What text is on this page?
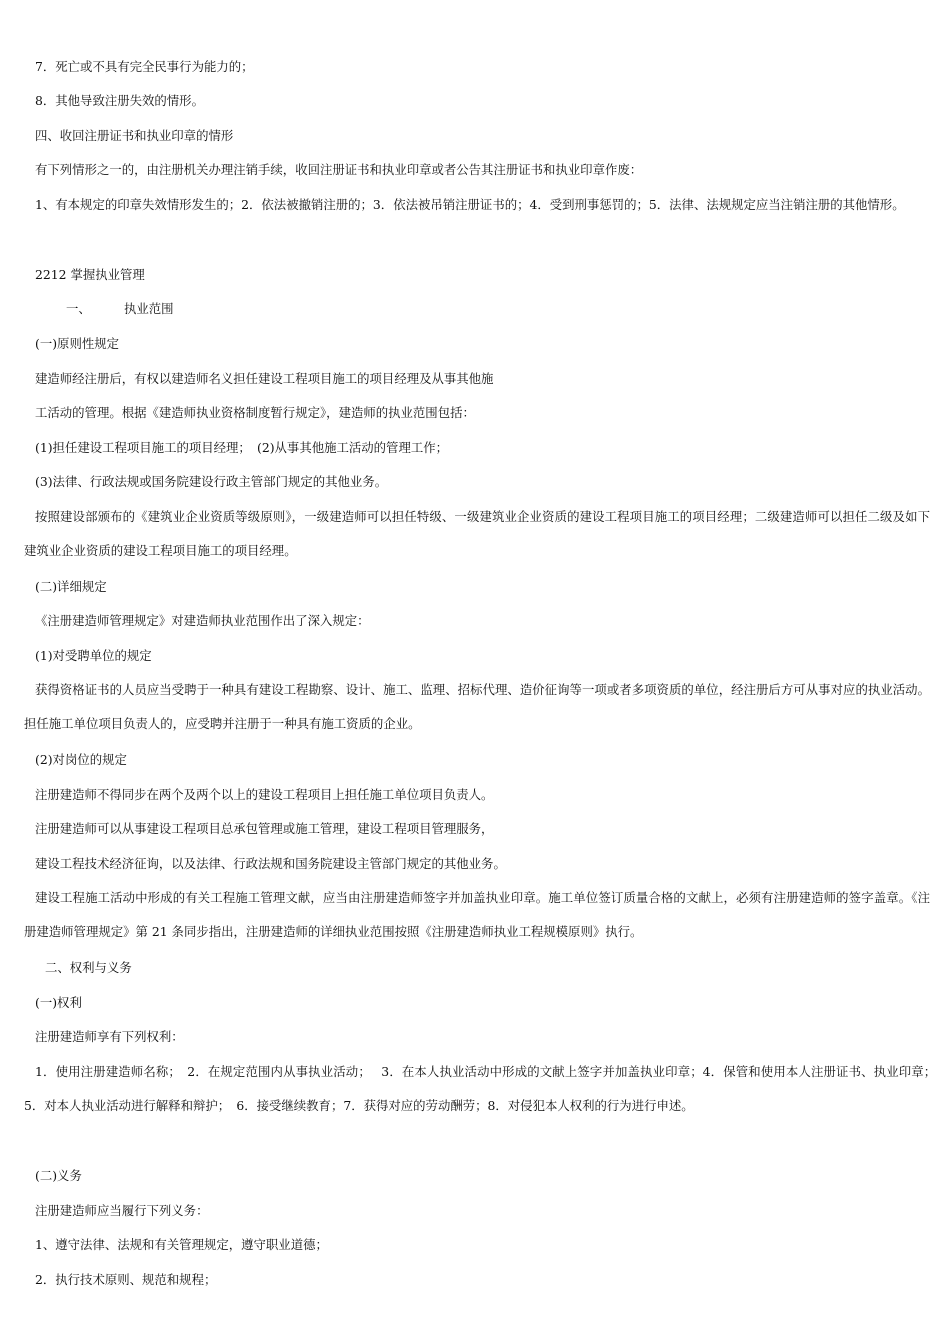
7．死亡或不具有完全民事行为能力的；
8．其他导致注册失效的情形。
四、收回注册证书和执业印章的情形
有下列情形之一的，由注册机关办理注销手续，收回注册证书和执业印章或者公告其注册证书和执业印章作废：
1、有本规定的印章失效情形发生的；2．依法被撤销注册的；3．依法被吊销注册证书的；4．受到刑事惩罚的；5．法律、法规规定应当注销注册的其他情形。
2212 掌握执业管理
一、	执业范围
(一)原则性规定
建造师经注册后，有权以建造师名义担任建设工程项目施工的项目经理及从事其他施
工活动的管理。根据《建造师执业资格制度暂行规定》，建造师的执业范围包括：
(1)担任建设工程项目施工的项目经理；　(2)从事其他施工活动的管理工作；
(3)法律、行政法规或国务院建设行政主管部门规定的其他业务。
按照建设部颁布的《建筑业企业资质等级原则》，一级建造师可以担任特级、一级建筑业企业资质的建设工程项目施工的项目经理；二级建造师可以担任二级及如下建筑业企业资质的建设工程项目施工的项目经理。
(二)详细规定
《注册建造师管理规定》对建造师执业范围作出了深入规定：
(1)对受聘单位的规定
获得资格证书的人员应当受聘于一种具有建设工程勘察、设计、施工、监理、招标代理、造价征询等一项或者多项资质的单位，经注册后方可从事对应的执业活动。担任施工单位项目负责人的，应受聘并注册于一种具有施工资质的企业。
(2)对岗位的规定
注册建造师不得同步在两个及两个以上的建设工程项目上担任施工单位项目负责人。
注册建造师可以从事建设工程项目总承包管理或施工管理，建设工程项目管理服务，
建设工程技术经济征询，以及法律、行政法规和国务院建设主管部门规定的其他业务。
建设工程施工活动中形成的有关工程施工管理文献，应当由注册建造师签字并加盖执业印章。施工单位签订质量合格的文献上，必须有注册建造师的签字盖章。《注册建造师管理规定》第 21 条同步指出，注册建造师的详细执业范围按照《注册建造师执业工程规模原则》执行。
二、权利与义务
(一)权利
注册建造师享有下列权利：
1．使用注册建造师名称；　2．在规定范围内从事执业活动；　 3．在本人执业活动中形成的文献上签字并加盖执业印章；4．保管和使用本人注册证书、执业印章；　5．对本人执业活动进行解释和辩护；　6．接受继续教育；7．获得对应的劳动酬劳；8．对侵犯本人权利的行为进行申述。
(二)义务
注册建造师应当履行下列义务：
1、遵守法律、法规和有关管理规定，遵守职业道德；
2．执行技术原则、规范和规程；
